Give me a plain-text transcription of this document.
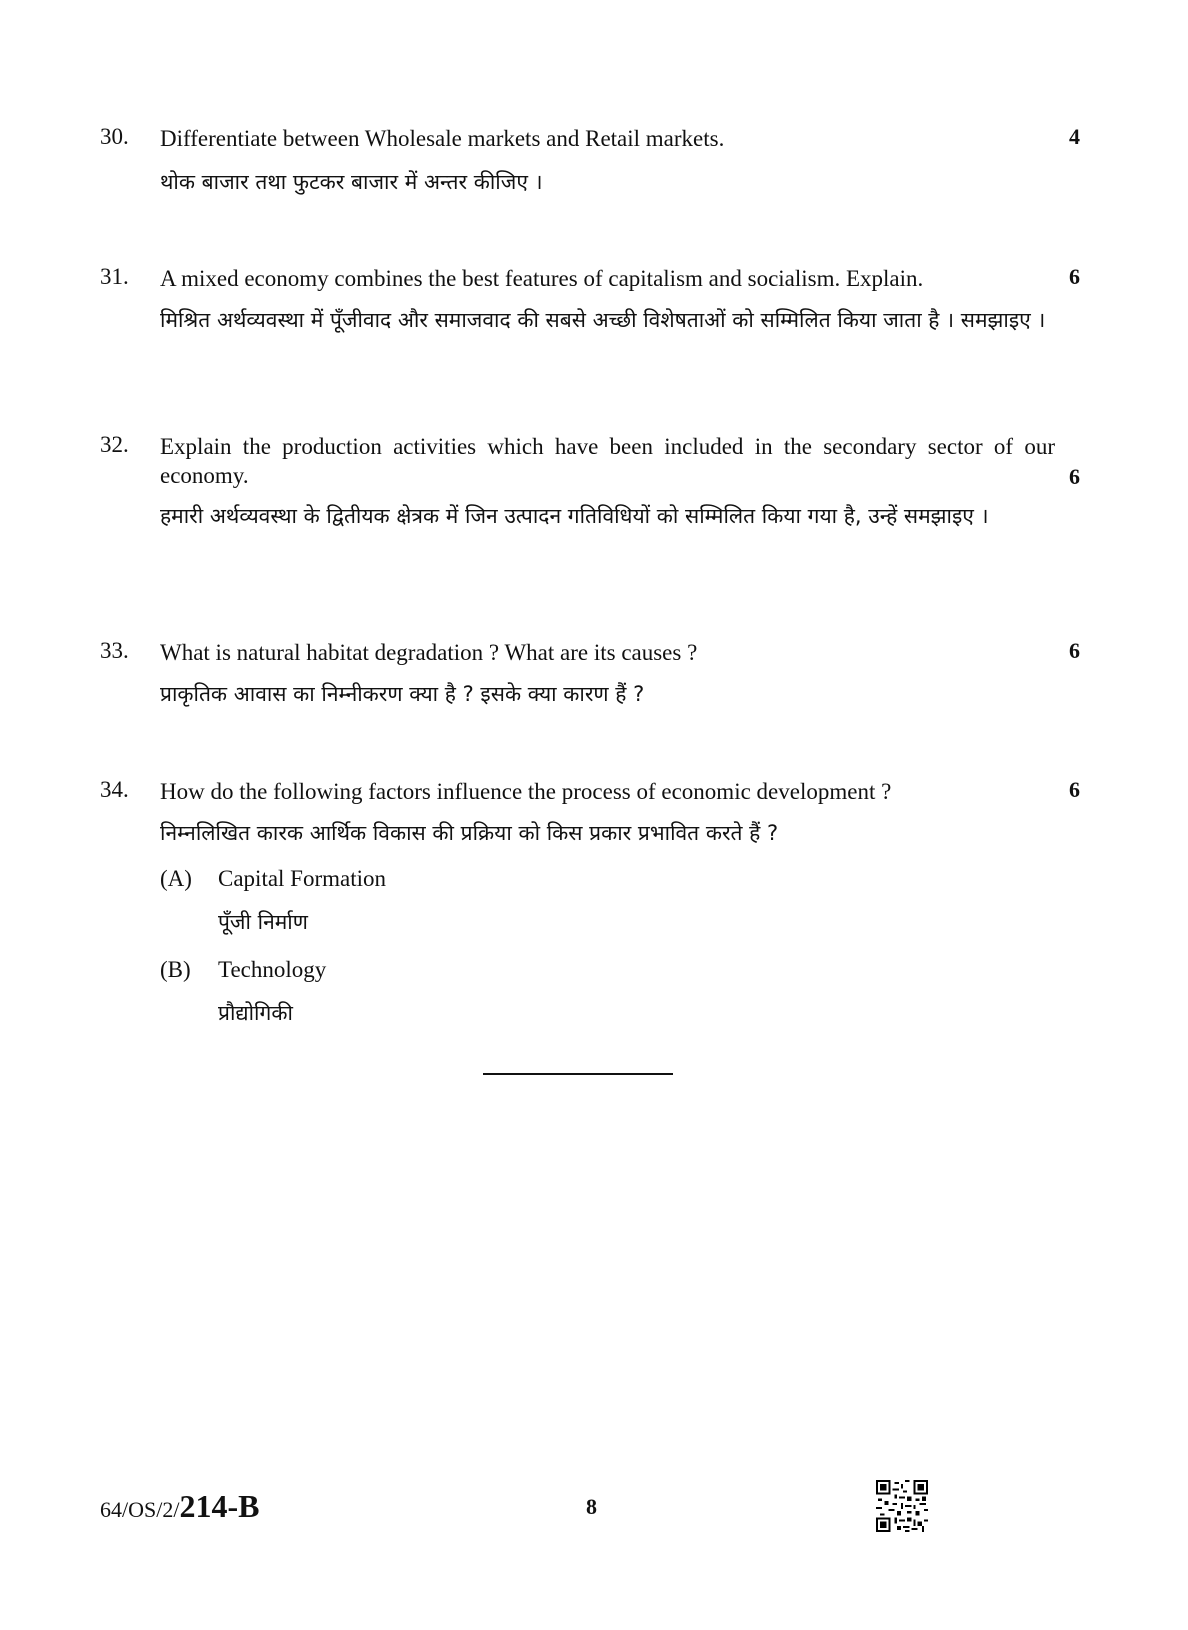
30. Differentiate between Wholesale markets and Retail markets.
थोक बाजार तथा फुटकर बाजार में अन्तर कीजिए ।
4
31. A mixed economy combines the best features of capitalism and socialism. Explain.
मिश्रित अर्थव्यवस्था में पूँजीवाद और समाजवाद की सबसे अच्छी विशेषताओं को सम्मिलित किया जाता है । समझाइए ।
6
32. Explain the production activities which have been included in the secondary sector of our economy.
हमारी अर्थव्यवस्था के द्वितीयक क्षेत्रक में जिन उत्पादन गतिविधियों को सम्मिलित किया गया है, उन्हें समझाइए ।
6
33. What is natural habitat degradation ? What are its causes ?
प्राकृतिक आवास का निम्नीकरण क्या है ? इसके क्या कारण हैं ?
6
34. How do the following factors influence the process of economic development ?
निम्नलिखित कारक आर्थिक विकास की प्रक्रिया को किस प्रकार प्रभावित करते हैं ?
6
(A) Capital Formation
पूँजी निर्माण
(B) Technology
प्रौद्योगिकी
64/OS/2/214-B	8
